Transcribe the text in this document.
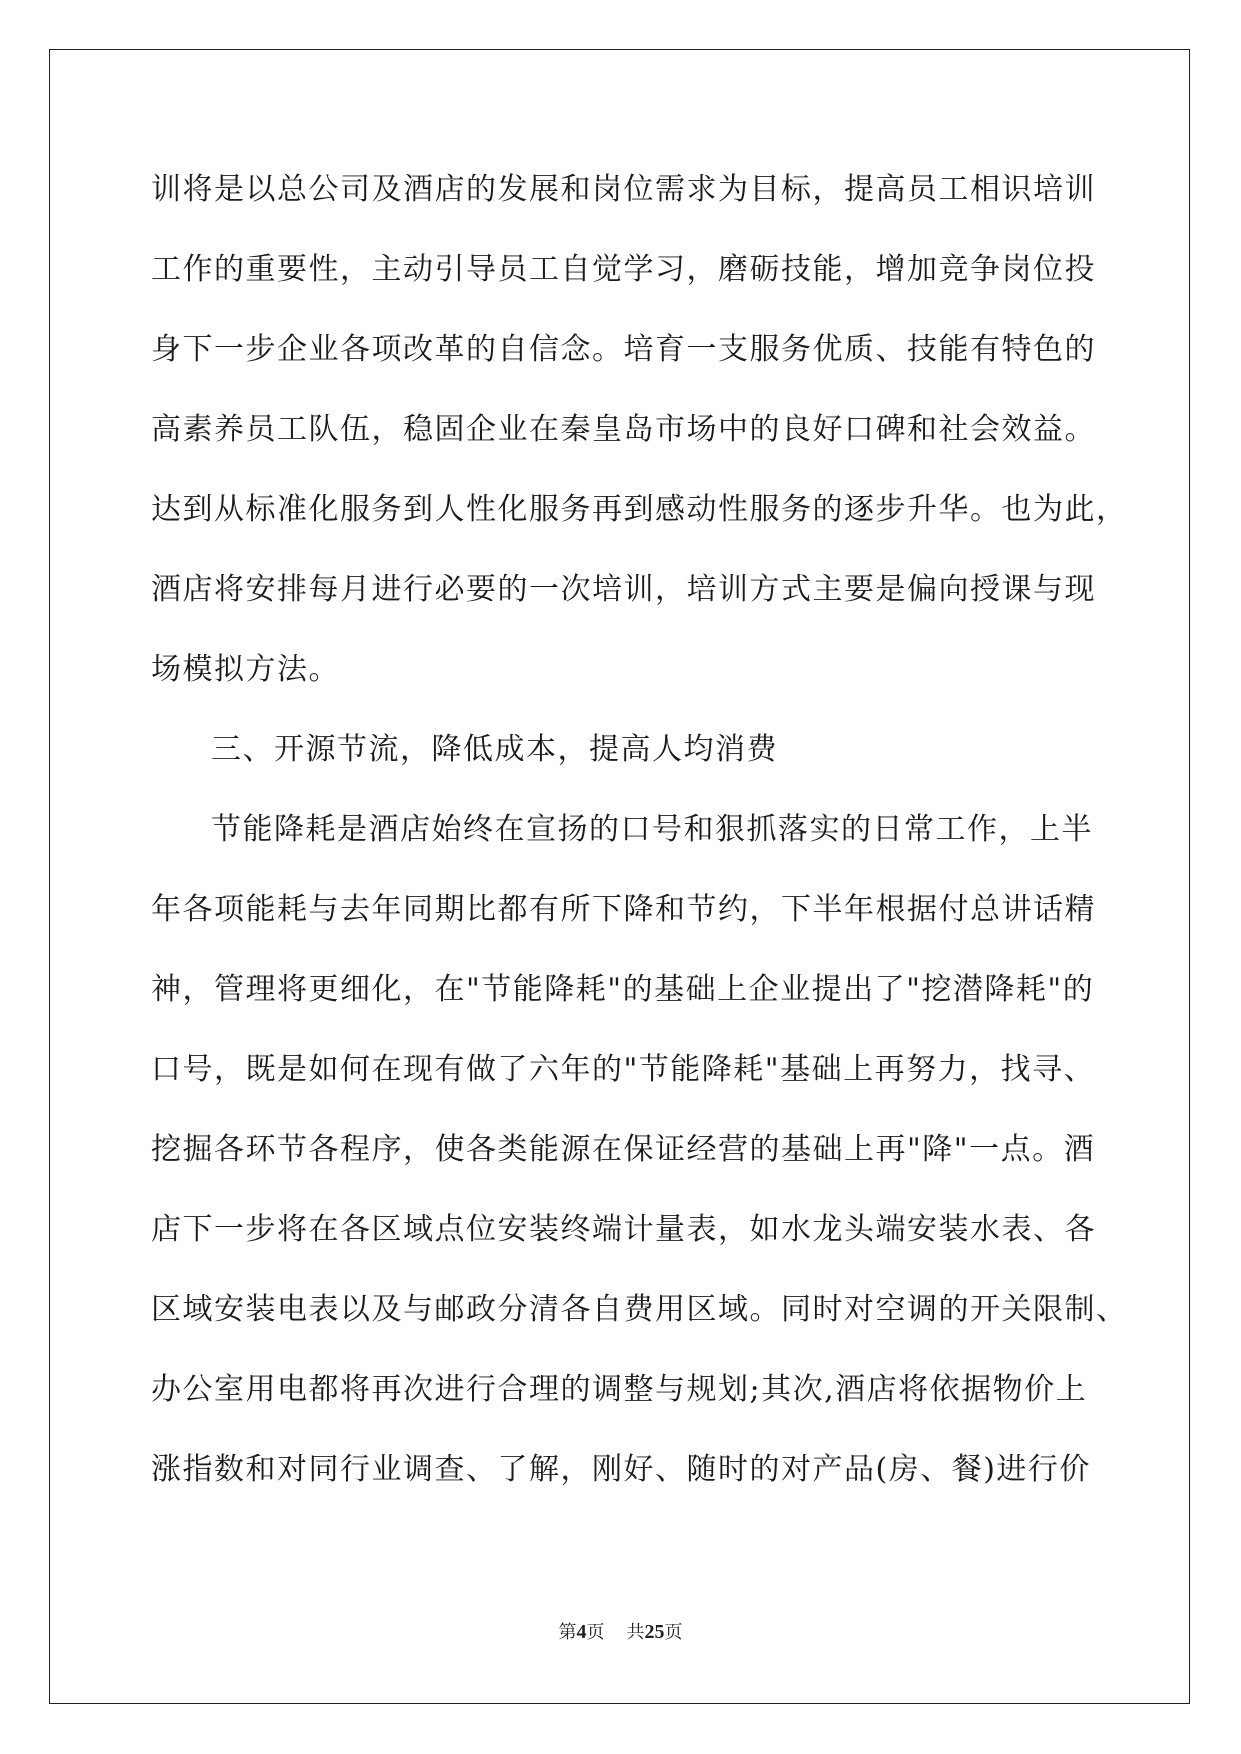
训将是以总公司及酒店的发展和岗位需求为目标，提高员工相识培训
工作的重要性，主动引导员工自觉学习，磨砺技能，增加竞争岗位投
身下一步企业各项改革的自信念。培育一支服务优质、技能有特色的
高素养员工队伍，稳固企业在秦皇岛市场中的良好口碑和社会效益。
达到从标准化服务到人性化服务再到感动性服务的逐步升华。也为此，
酒店将安排每月进行必要的一次培训，培训方式主要是偏向授课与现
场模拟方法。
三、开源节流，降低成本，提高人均消费
节能降耗是酒店始终在宣扬的口号和狠抓落实的日常工作，上半
年各项能耗与去年同期比都有所下降和节约，下半年根据付总讲话精
神，管理将更细化，在"节能降耗"的基础上企业提出了"挖潜降耗"的
口号，既是如何在现有做了六年的"节能降耗"基础上再努力，找寻、
挖掘各环节各程序，使各类能源在保证经营的基础上再"降"一点。酒
店下一步将在各区域点位安装终端计量表，如水龙头端安装水表、各
区域安装电表以及与邮政分清各自费用区域。同时对空调的开关限制、
办公室用电都将再次进行合理的调整与规划;其次,酒店将依据物价上
涨指数和对同行业调查、了解，刚好、随时的对产品(房、餐)进行价
第4页 共25页
